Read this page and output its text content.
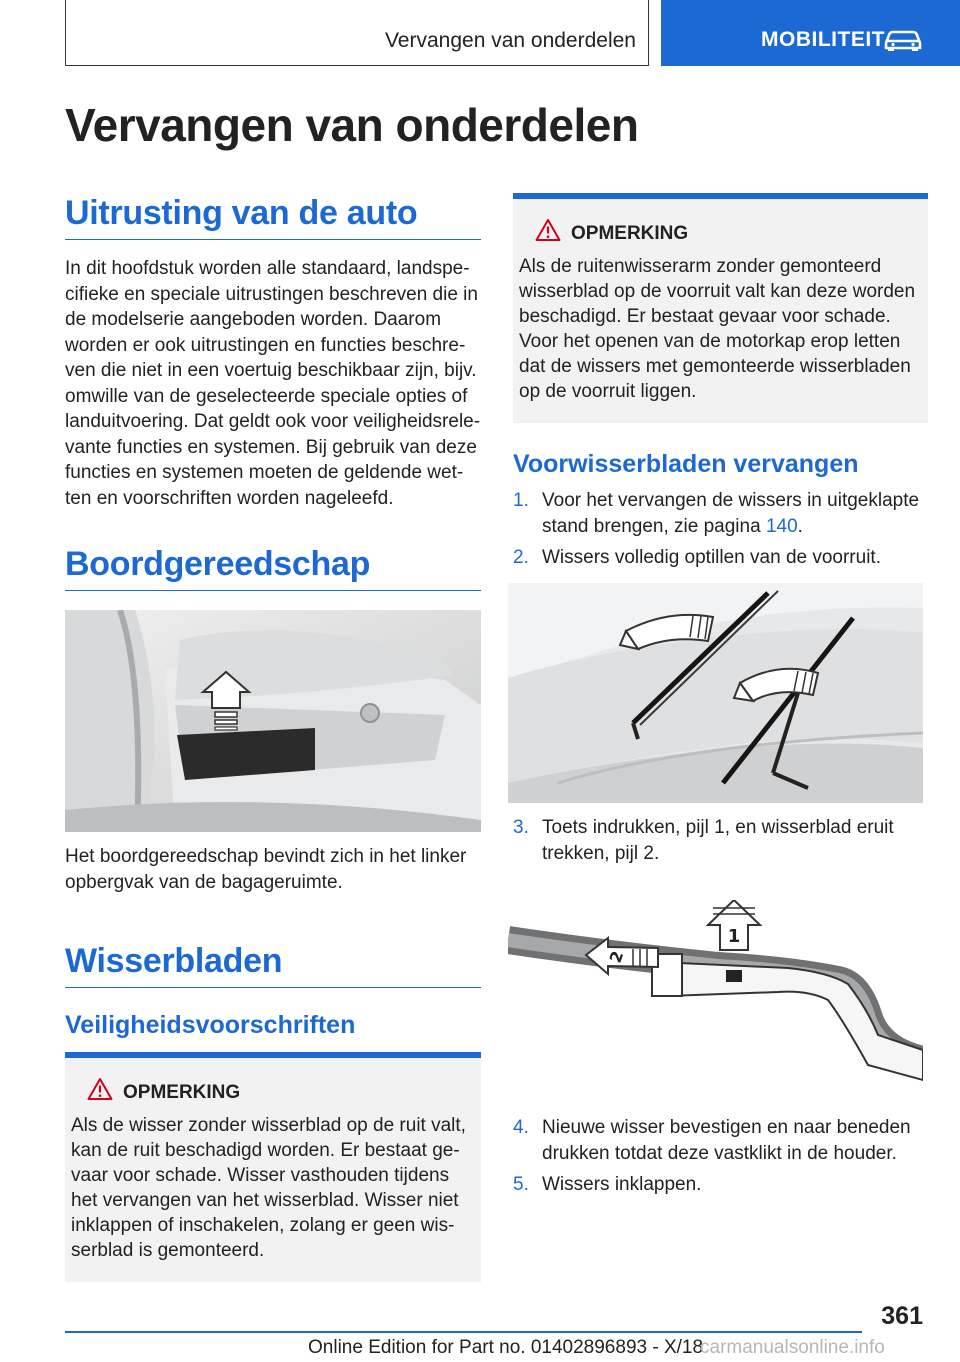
Vervangen van onderdelen	MOBILITEIT
Vervangen van onderdelen
Uitrusting van de auto
In dit hoofdstuk worden alle standaard, landspe‐
cifieke en speciale uitrustingen beschreven die in
de modelserie aangeboden worden. Daarom
worden er ook uitrustingen en functies beschre‐
ven die niet in een voertuig beschikbaar zijn, bijv.
omwille van de geselecteerde speciale opties of
landuitvoering. Dat geldt ook voor veiligheidsrele‐
vante functies en systemen. Bij gebruik van deze
functies en systemen moeten de geldende wet‐
ten en voorschriften worden nageleefd.
Boordgereedschap
Het boordgereedschap bevindt zich in het linker
opbergvak van de bagageruimte.
Wisserbladen
Veiligheidsvoorschriften
OPMERKING
Als de wisser zonder wisserblad op de ruit valt,
kan de ruit beschadigd worden. Er bestaat ge‐
vaar voor schade. Wisser vasthouden tijdens
het vervangen van het wisserblad. Wisser niet
inklappen of inschakelen, zolang er geen wis‐
serblad is gemonteerd.
OPMERKING
Als de ruitenwisserarm zonder gemonteerd
wisserblad op de voorruit valt kan deze worden
beschadigd. Er bestaat gevaar voor schade.
Voor het openen van de motorkap erop letten
dat de wissers met gemonteerde wisserbladen
op de voorruit liggen.
Voorwisserbladen vervangen
1. Voor het vervangen de wissers in uitgeklapte
stand brengen, zie pagina 140.
2. Wissers volledig optillen van de voorruit.
3. Toets indrukken, pijl 1, en wisserblad eruit
trekken, pijl 2.
1
2
4. Nieuwe wisser bevestigen en naar beneden
drukken totdat deze vastklikt in de houder.
5. Wissers inklappen.
361
Online Edition for Part no. 01402896893 - X/18
carmanualsonline.info
